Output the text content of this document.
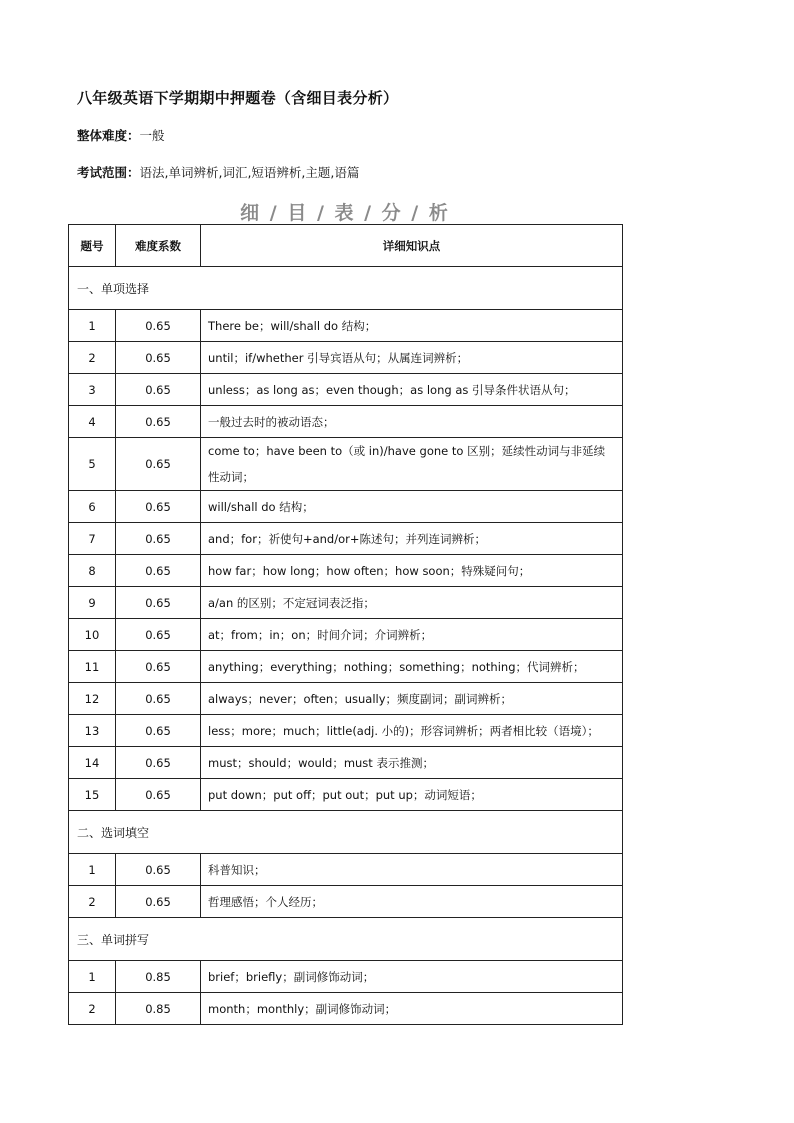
八年级英语下学期期中押题卷（含细目表分析）
整体难度：一般
考试范围：语法,单词辨析,词汇,短语辨析,主题,语篇
细 / 目 / 表 / 分 / 析
题号	难度系数	详细知识点
一、单项选择		
1	0.65	There be；will/shall do 结构；
2	0.65	until；if/whether 引导宾语从句；从属连词辨析；
3	0.65	unless；as long as；even though；as long as 引导条件状语从句；
4	0.65	一般过去时的被动语态；
5	0.65	come to；have been to（或 in)/have gone to 区别；延续性动词与非延续性动词；
6	0.65	will/shall do 结构；
7	0.65	and；for；祈使句+and/or+陈述句；并列连词辨析；
8	0.65	how far；how long；how often；how soon；特殊疑问句；
9	0.65	a/an 的区别；不定冠词表泛指；
10	0.65	at；from；in；on；时间介词；介词辨析；
11	0.65	anything；everything；nothing；something；nothing；代词辨析；
12	0.65	always；never；often；usually；频度副词；副词辨析；
13	0.65	less；more；much；little(adj. 小的)；形容词辨析；两者相比较（语境）；
14	0.65	must；should；would；must 表示推测；
15	0.65	put down；put off；put out；put up；动词短语；
二、选词填空		
1	0.65	科普知识；
2	0.65	哲理感悟；个人经历；
三、单词拼写		
1	0.85	brief；briefly；副词修饰动词；
2	0.85	month；monthly；副词修饰动词；
